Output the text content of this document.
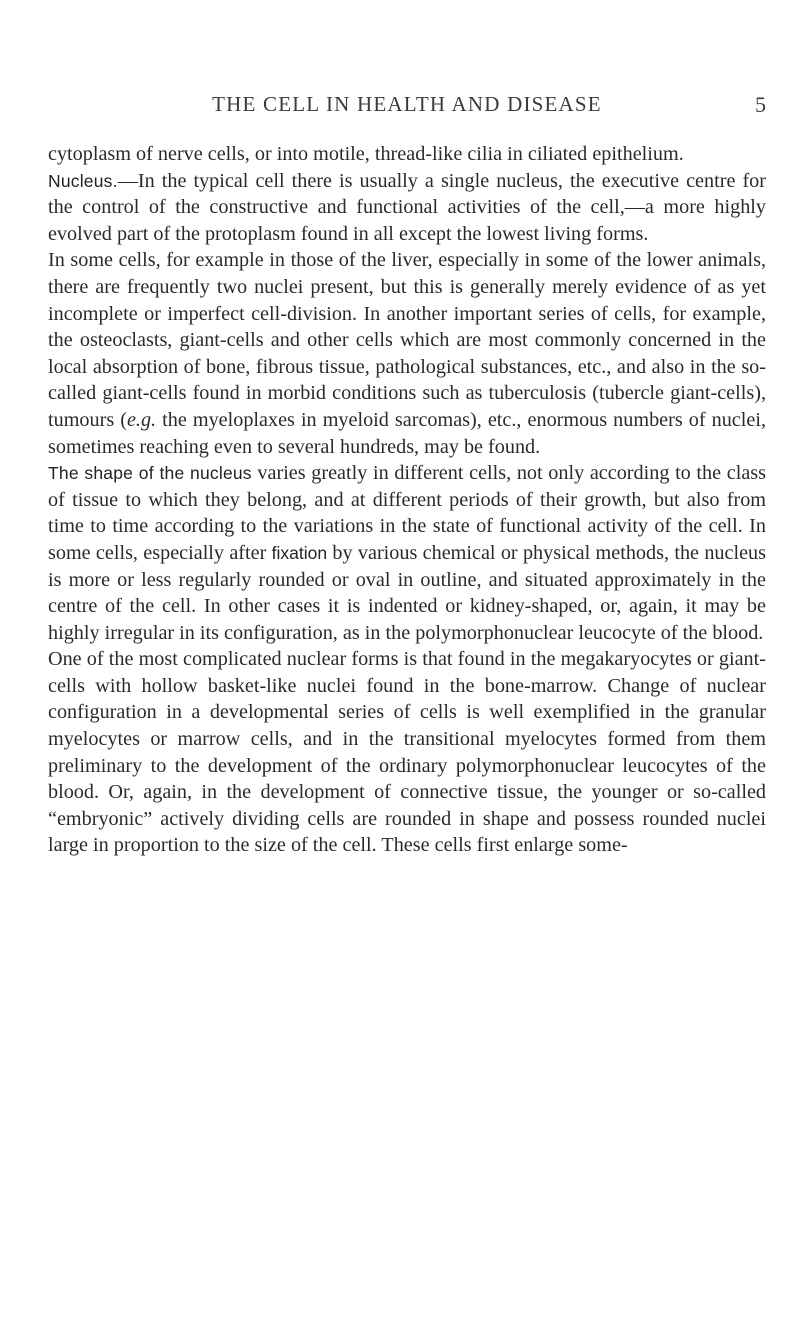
THE CELL IN HEALTH AND DISEASE	5

cytoplasm of nerve cells, or into motile, thread-like cilia in ciliated epithelium.

Nucleus.—In the typical cell there is usually a single nucleus, the executive centre for the control of the constructive and functional activities of the cell,—a more highly evolved part of the protoplasm found in all except the lowest living forms.

In some cells, for example in those of the liver, especially in some of the lower animals, there are frequently two nuclei present, but this is generally merely evidence of as yet incomplete or imperfect cell-division. In another important series of cells, for example, the osteoclasts, giant-cells and other cells which are most commonly concerned in the local absorption of bone, fibrous tissue, pathological substances, etc., and also in the so-called giant-cells found in morbid conditions such as tuberculosis (tubercle giant-cells), tumours (e.g. the myeloplaxes in myeloid sarcomas), etc., enormous numbers of nuclei, sometimes reaching even to several hundreds, may be found.

The shape of the nucleus varies greatly in different cells, not only according to the class of tissue to which they belong, and at different periods of their growth, but also from time to time according to the variations in the state of functional activity of the cell. In some cells, especially after fixation by various chemical or physical methods, the nucleus is more or less regularly rounded or oval in outline, and situated approximately in the centre of the cell. In other cases it is indented or kidney-shaped, or, again, it may be highly irregular in its configuration, as in the polymorphonuclear leucocyte of the blood.

One of the most complicated nuclear forms is that found in the megakaryocytes or giant-cells with hollow basket-like nuclei found in the bone-marrow. Change of nuclear configuration in a developmental series of cells is well exemplified in the granular myelocytes or marrow cells, and in the transitional myelocytes formed from them preliminary to the development of the ordinary polymorphonuclear leucocytes of the blood. Or, again, in the development of connective tissue, the younger or so-called “embryonic” actively dividing cells are rounded in shape and possess rounded nuclei large in proportion to the size of the cell. These cells first enlarge some-
